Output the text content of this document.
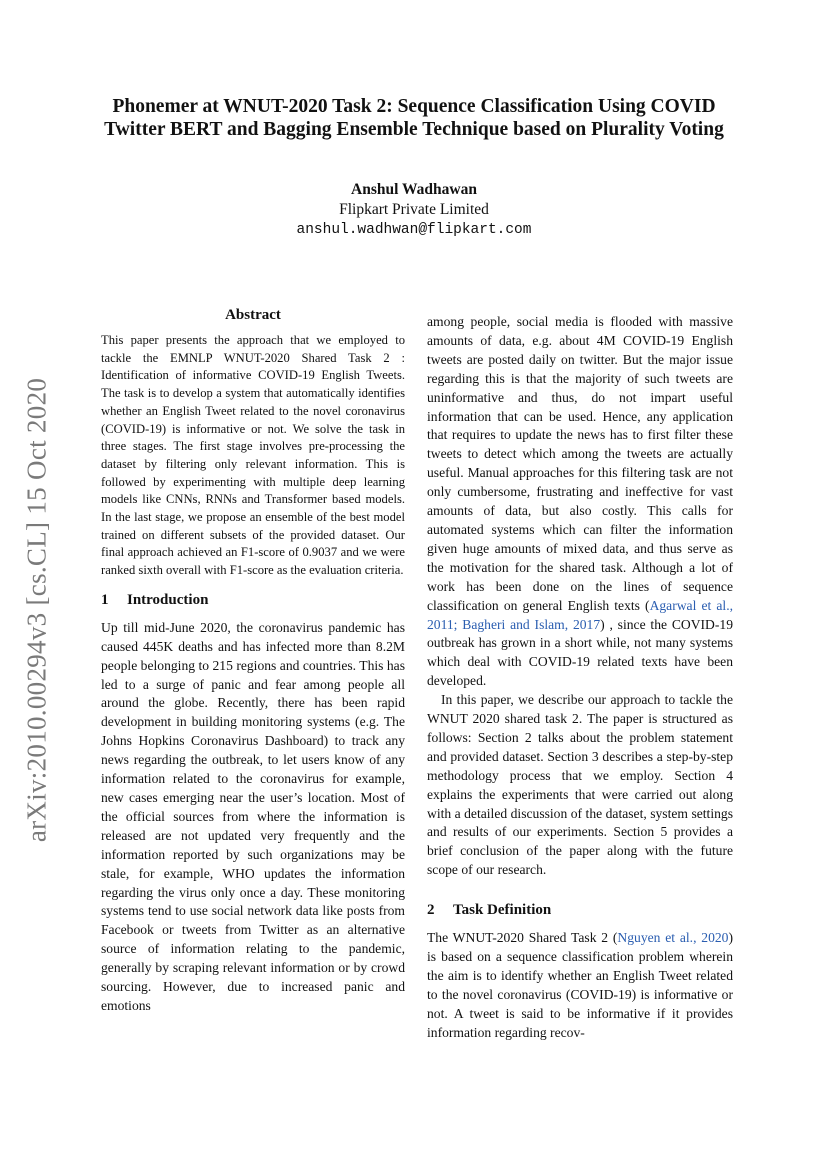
arXiv:2010.00294v3 [cs.CL] 15 Oct 2020
Phonemer at WNUT-2020 Task 2: Sequence Classification Using COVID
Twitter BERT and Bagging Ensemble Technique based on Plurality Voting
Anshul Wadhawan
Flipkart Private Limited
anshul.wadhwan@flipkart.com
Abstract

This paper presents the approach that we employed to tackle the EMNLP WNUT-2020 Shared Task 2 : Identification of informative COVID-19 English Tweets. The task is to develop a system that automatically identifies whether an English Tweet related to the novel coronavirus (COVID-19) is informative or not. We solve the task in three stages. The first stage involves pre-processing the dataset by filtering only relevant information. This is followed by experimenting with multiple deep learning models like CNNs, RNNs and Transformer based models. In the last stage, we propose an ensemble of the best model trained on different subsets of the provided dataset. Our final approach achieved an F1-score of 0.9037 and we were ranked sixth overall with F1-score as the evaluation criteria.

1 Introduction

Up till mid-June 2020, the coronavirus pandemic has caused 445K deaths and has infected more than 8.2M people belonging to 215 regions and countries. This has led to a surge of panic and fear among people all around the globe. Recently, there has been rapid development in building monitoring systems (e.g. The Johns Hopkins Coronavirus Dashboard) to track any news regarding the outbreak, to let users know of any information related to the coronavirus for example, new cases emerging near the user’s location. Most of the official sources from where the information is released are not updated very frequently and the information reported by such organizations may be stale, for example, WHO updates the information regarding the virus only once a day. These monitoring systems tend to use social network data like posts from Facebook or tweets from Twitter as an alternative source of information relating to the pandemic, generally by scraping relevant information or by crowd sourcing. However, due to increased panic and emotions

among people, social media is flooded with massive amounts of data, e.g. about 4M COVID-19 English tweets are posted daily on twitter. But the major issue regarding this is that the majority of such tweets are uninformative and thus, do not impart useful information that can be used. Hence, any application that requires to update the news has to first filter these tweets to detect which among the tweets are actually useful. Manual approaches for this filtering task are not only cumbersome, frustrating and ineffective for vast amounts of data, but also costly. This calls for automated systems which can filter the information given huge amounts of mixed data, and thus serve as the motivation for the shared task. Although a lot of work has been done on the lines of sequence classification on general English texts (Agarwal et al., 2011; Bagheri and Islam, 2017) , since the COVID-19 outbreak has grown in a short while, not many systems which deal with COVID-19 related texts have been developed.

In this paper, we describe our approach to tackle the WNUT 2020 shared task 2. The paper is structured as follows: Section 2 talks about the problem statement and provided dataset. Section 3 describes a step-by-step methodology process that we employ. Section 4 explains the experiments that were carried out along with a detailed discussion of the dataset, system settings and results of our experiments. Section 5 provides a brief conclusion of the paper along with the future scope of our research.

2 Task Definition

The WNUT-2020 Shared Task 2 (Nguyen et al., 2020) is based on a sequence classification problem wherein the aim is to identify whether an English Tweet related to the novel coronavirus (COVID-19) is informative or not. A tweet is said to be informative if it provides information regarding recov-
